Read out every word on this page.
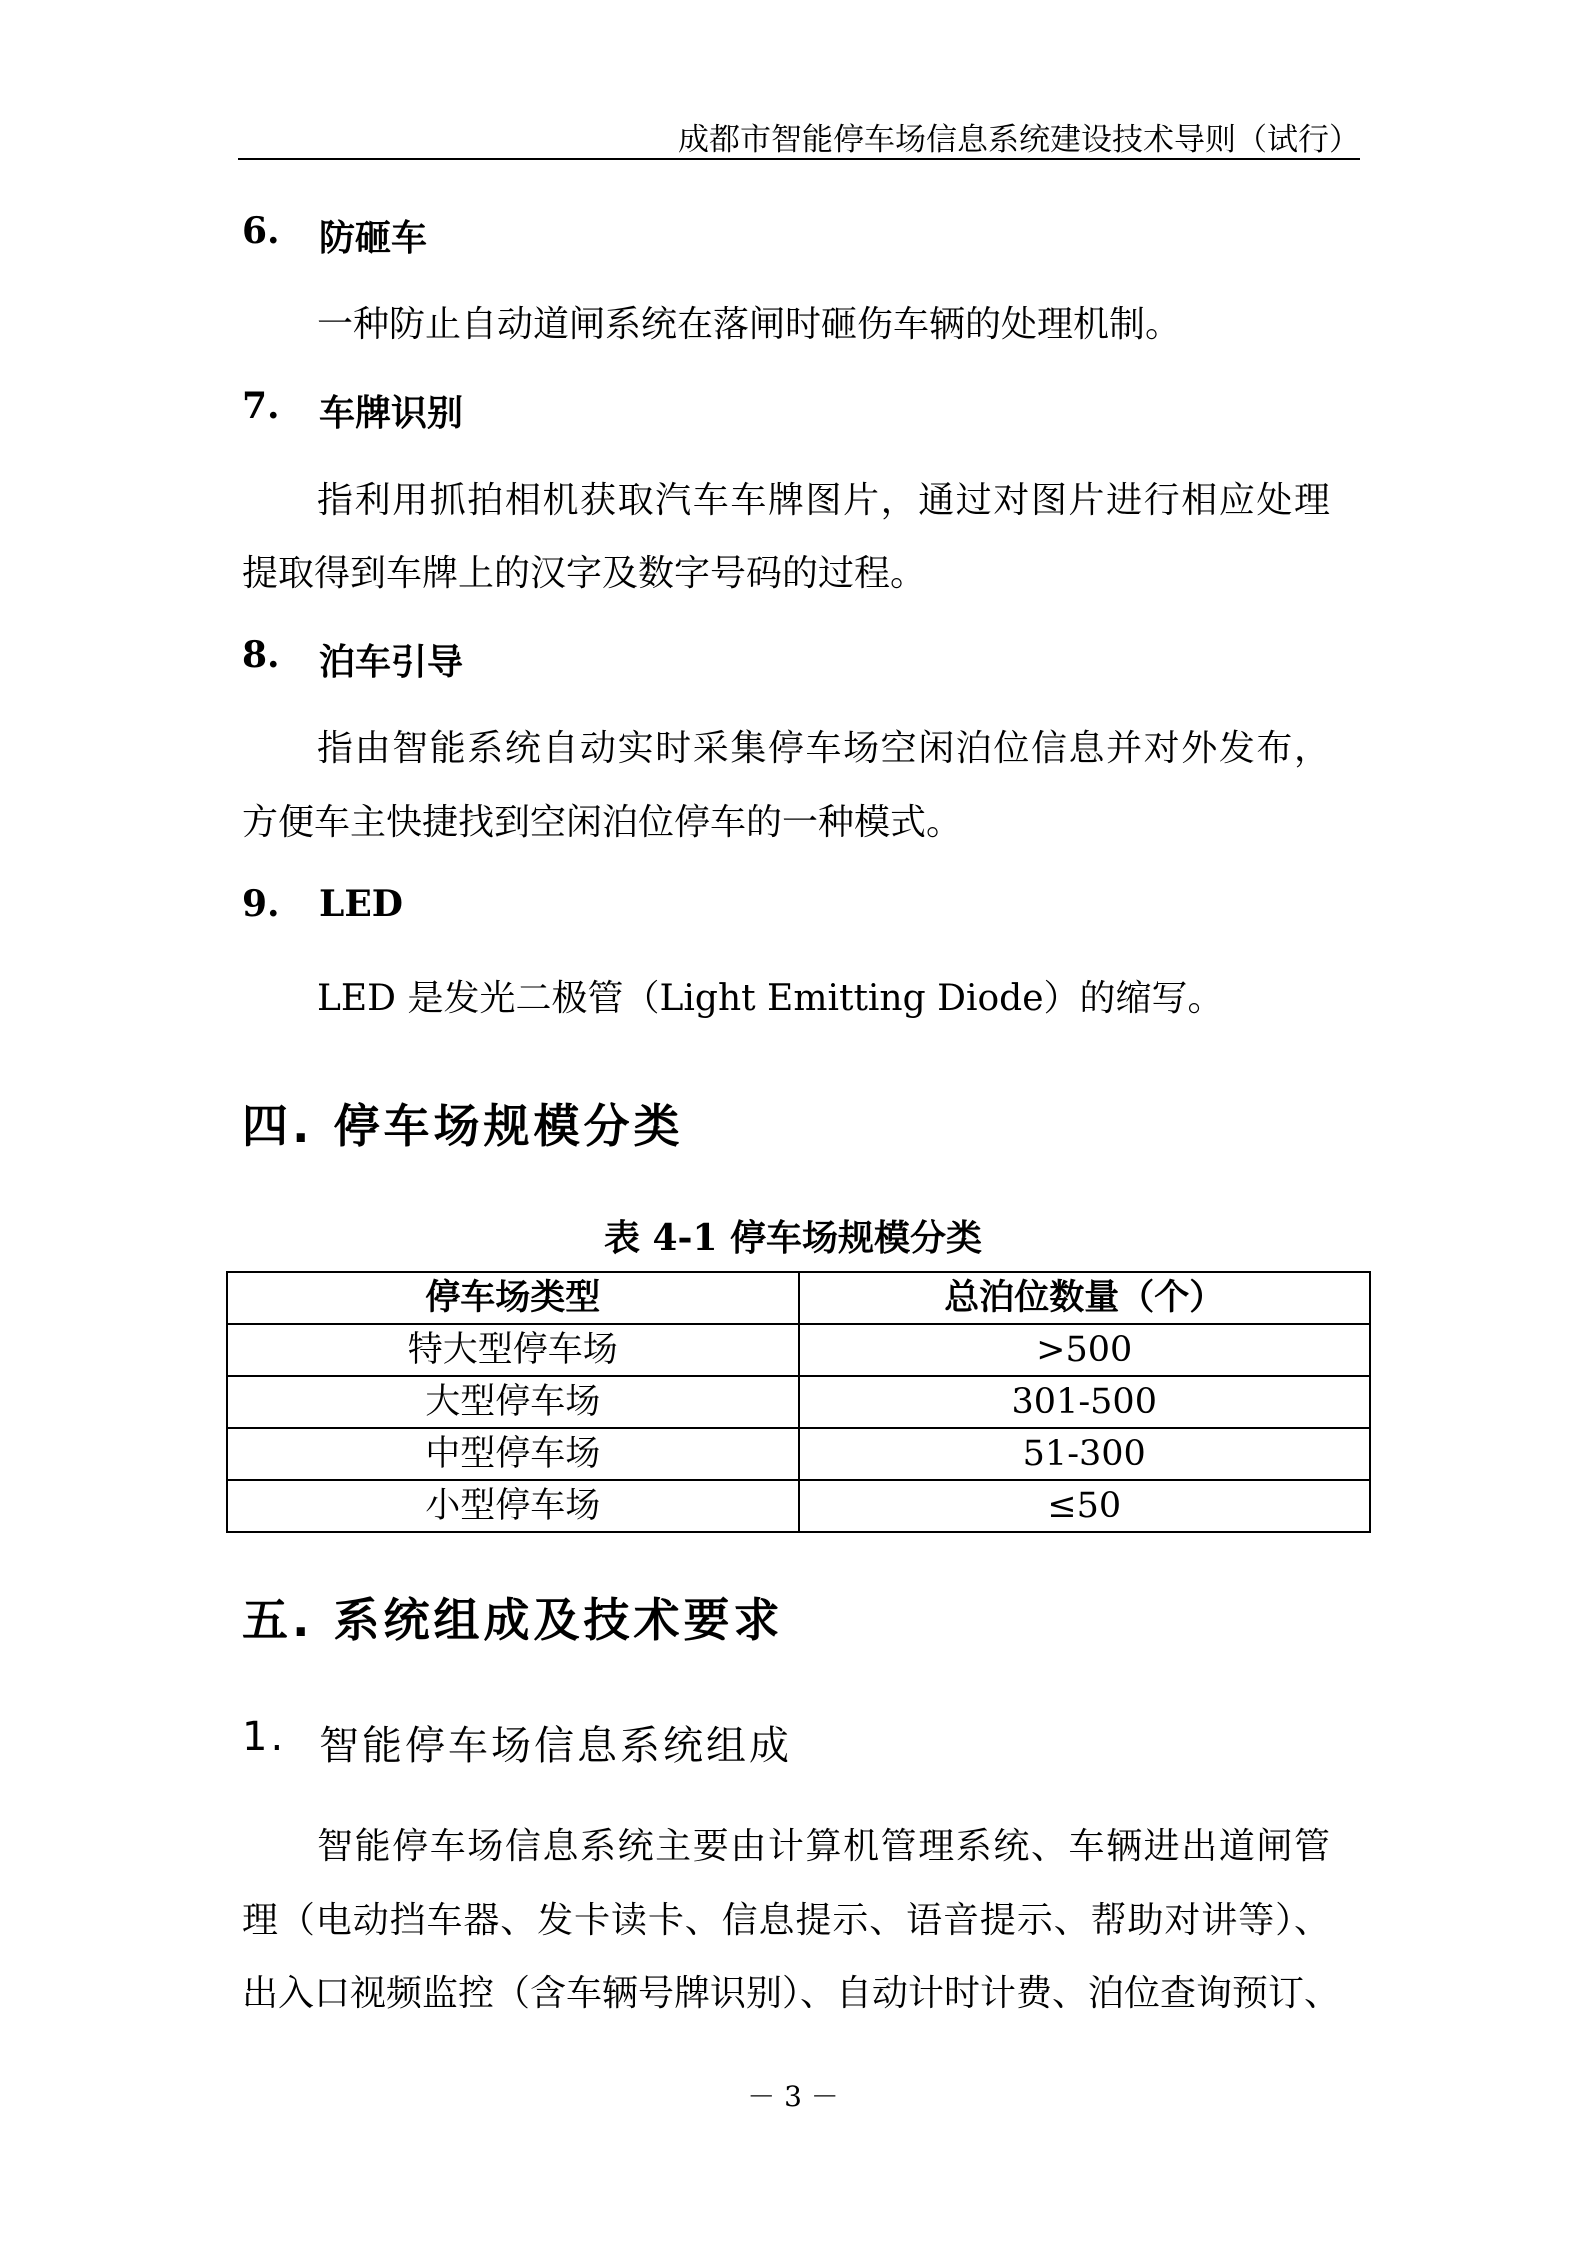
成都市智能停车场信息系统建设技术导则（试行）
6. 防砸车
一种防止自动道闸系统在落闸时砸伤车辆的处理机制。
7. 车牌识别
指利用抓拍相机获取汽车车牌图片，通过对图片进行相应处理
提取得到车牌上的汉字及数字号码的过程。
8. 泊车引导
指由智能系统自动实时采集停车场空闲泊位信息并对外发布，
方便车主快捷找到空闲泊位停车的一种模式。
9. LED
LED 是发光二极管（Light Emitting Diode）的缩写。
四. 停车场规模分类
表 4-1 停车场规模分类
停车场类型	总泊位数量（个）
特大型停车场	>500
大型停车场	301-500
中型停车场	51-300
小型停车场	≤50
五. 系统组成及技术要求
1. 智能停车场信息系统组成
智能停车场信息系统主要由计算机管理系统、车辆进出道闸管
理（电动挡车器、发卡读卡、信息提示、语音提示、帮助对讲等）、
出入口视频监控（含车辆号牌识别）、自动计时计费、泊位查询预订、
－ 3 －
